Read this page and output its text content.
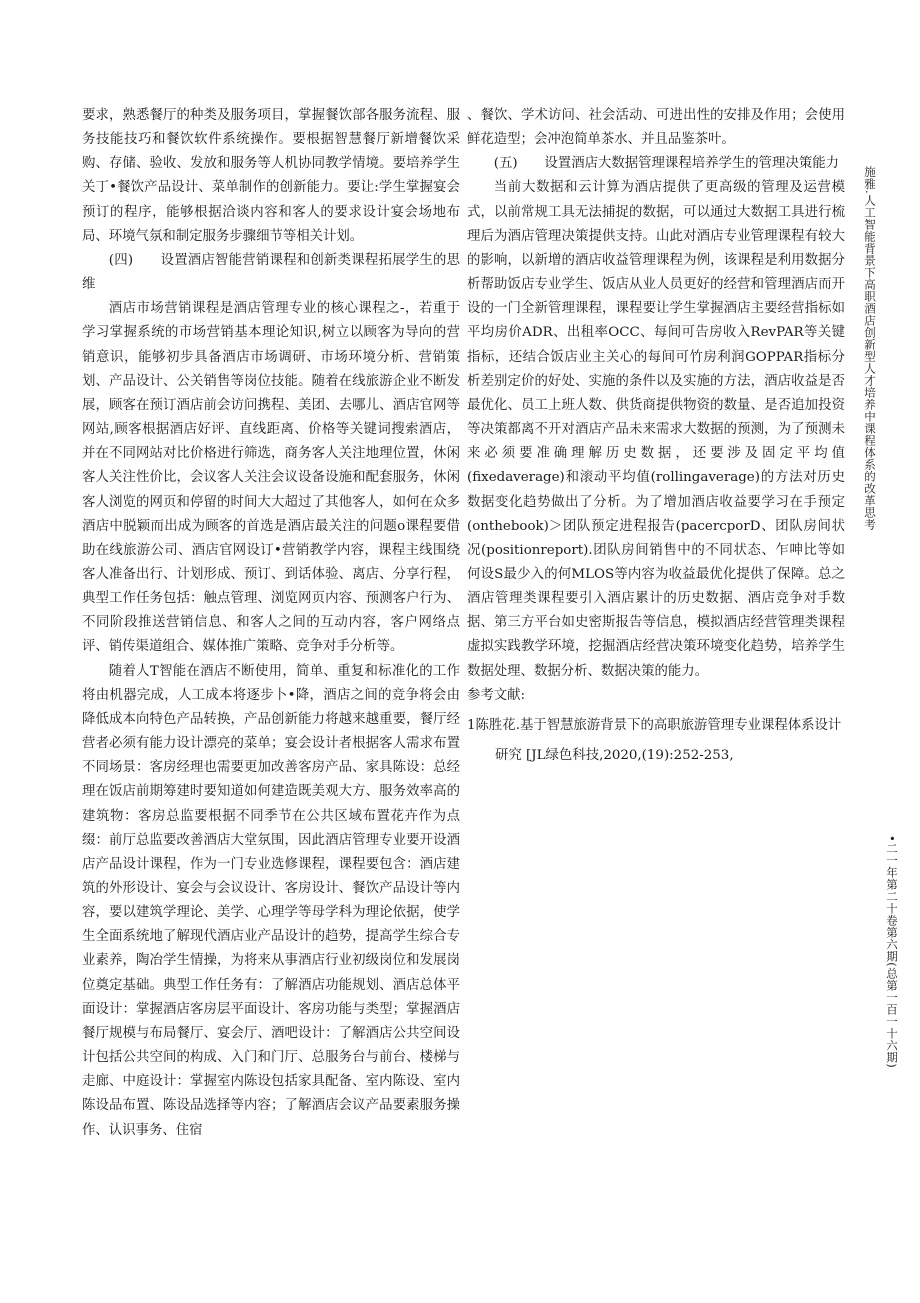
要求，熟悉餐厅的种类及服务项目，掌握餐饮部各服务流程、服务技能技巧和餐饮软件系统操作。要根据智慧餐厅新增餐饮采购、存储、验收、发放和服务等人机协同教学情境。要培养学生关丁•餐饮产品设计、菜单制作的创新能力。要让:学生掌握宴会预订的程序，能够根据洽谈内容和客人的要求设计宴会场地布局、环境气氛和制定服务步骤细节等相关计划。

(四)　　设置酒店智能营销课程和创新类课程拓展学生的思维

酒店市场营销课程是酒店管理专业的核心课程之-，若重于学习掌握系统的市场营销基本理论知识,树立以顾客为导向的营销意识，能够初步具备酒店市场调研、市场环境分析、营销策划、产品设计、公关销售等岗位技能。随着在线旅游企业不断发展，顾客在预订酒店前会访问携程、美团、去哪儿、酒店官网等网站,顾客根据酒店好评、直线距离、价格等关键词搜索酒店，并在不同网站对比价格进行筛选，商务客人关注地理位置，休闲客人关注性价比，会议客人关注会议设备设施和配套服务，休闲客人浏览的网页和停留的时间大大超过了其他客人，如何在众多酒店中脱颖而出成为顾客的首选是酒店最关注的问题o课程要借助在线旅游公司、酒店官网设订•营销教学内容，课程主线围绕客人准备出行、计划形成、预订、到话体验、离店、分享行程，典型工作任务包括：触点管理、浏览网页内容、预测客户行为、不同阶段推送营销信息、和客人之间的互动内容，客户网络点评、销传渠道组合、媒体推广策略、竞争对手分析等。

随着人T智能在酒店不断使用，简单、重复和标准化的工作将由机器完成，人工成本将逐步卜•降，酒店之间的竞争将会由降低成本向特色产品转换，产品创新能力将越来越重要，餐厅经营者必须有能力设计漂亮的菜单；宴会设计者根据客人需求布置不同场景：客房经理也需要更加改善客房产品、家具陈设：总经理在饭店前期筹建时要知道如何建造既美观大方、服务效率高的建筑物：客房总监要根据不同季节在公共区域布置花卉作为点缀：前厅总监要改善酒店大堂氛围，因此酒店管理专业要开设酒店产品设计课程，作为一门专业选修课程，课程要包含：酒店建筑的外形设计、宴会与会议设计、客房设计、餐饮产品设计等内容，要以建筑学理论、美学、心理学等母学科为理论依据，使学生全面系统地了解现代酒店业产品设计的趋势，提高学生综合专业素养，陶冶学生情操，为将来从事酒店行业初级岗位和发展岗位奠定基础。典型工作任务有：了解酒店功能规划、酒店总体平面设计：掌握酒店客房层平面设计、客房功能与类型；掌握酒店餐厅规模与布局餐厅、宴会厅、酒吧设计：了解酒店公共空间设计包括公共空间的构成、入门和门厅、总服务台与前台、楼梯与走廊、中庭设计：掌握室内陈设包括家具配备、室内陈设、室内陈设品布置、陈设品选择等内容；了解酒店会议产品要素服务操作、认识事务、住宿

、餐饮、学术访问、社会活动、可进出性的安排及作用；会使用鲜花造型；会冲泡简单茶水、并且品鉴茶叶。

(五)　　设置酒店大数据管理课程培养学生的管理决策能力

当前大数据和云计算为酒店提供了更高级的管理及运营模式，以前常规工具无法捕捉的数据，可以通过大数据工具进行梳理后为酒店管理决策提供支持。山此对酒店专业管理课程有较大的影响，以新增的酒店收益管理课程为例，该课程是利用数据分析帮助饭店专业学生、饭店从业人员更好的经营和管理酒店而开设的一门全新管理课程，课程要让学生掌握酒店主要经营指标如平均房价ADR、出租率OCC、每间可告房收入RevPAR等关键指标，还结合饭店业主关心的每间可竹房利润GOPPAR指标分析差别定价的好处、实施的条件以及实施的方法，酒店收益是否最优化、员工上班人数、供货商提供物资的数量、是否追加投资等决策都离不开对酒店产品未来需求大数据的预测，为了预测未来必须要准确理解历史数据，还要涉及固定平均值(fixedaverage)和滚动平均值(rollingaverage)的方法对历史数据变化趋势做出了分析。为了增加酒店收益要学习在手预定(onthebook)＞团队预定进程报告(pacercporD、团队房间状况(positionreport).团队房间销售中的不同状态、乍呻比等如何设S最少入的何MLOS等内容为收益最优化提供了保障。总之酒店管理类课程要引入酒店累计的历史数据、酒店竞争对手数据、第三方平台如史密斯报告等信息，模拟酒店经营管理类课程虚拟实践教学环境，挖掘酒店经营决策环境变化趋势，培养学生数据处理、数据分析、数据决策的能力。

参考文献:

1陈胜花.基于智慧旅游背景下的高职旅游管理专业课程体系设计

研究 [JL绿色科技,2020,(19):252-253,

施雅.人工智能背景下高职酒店创新型人才培养中课程体系的改革思考
•二一年第二十卷第六期(总第一百一十六期)
